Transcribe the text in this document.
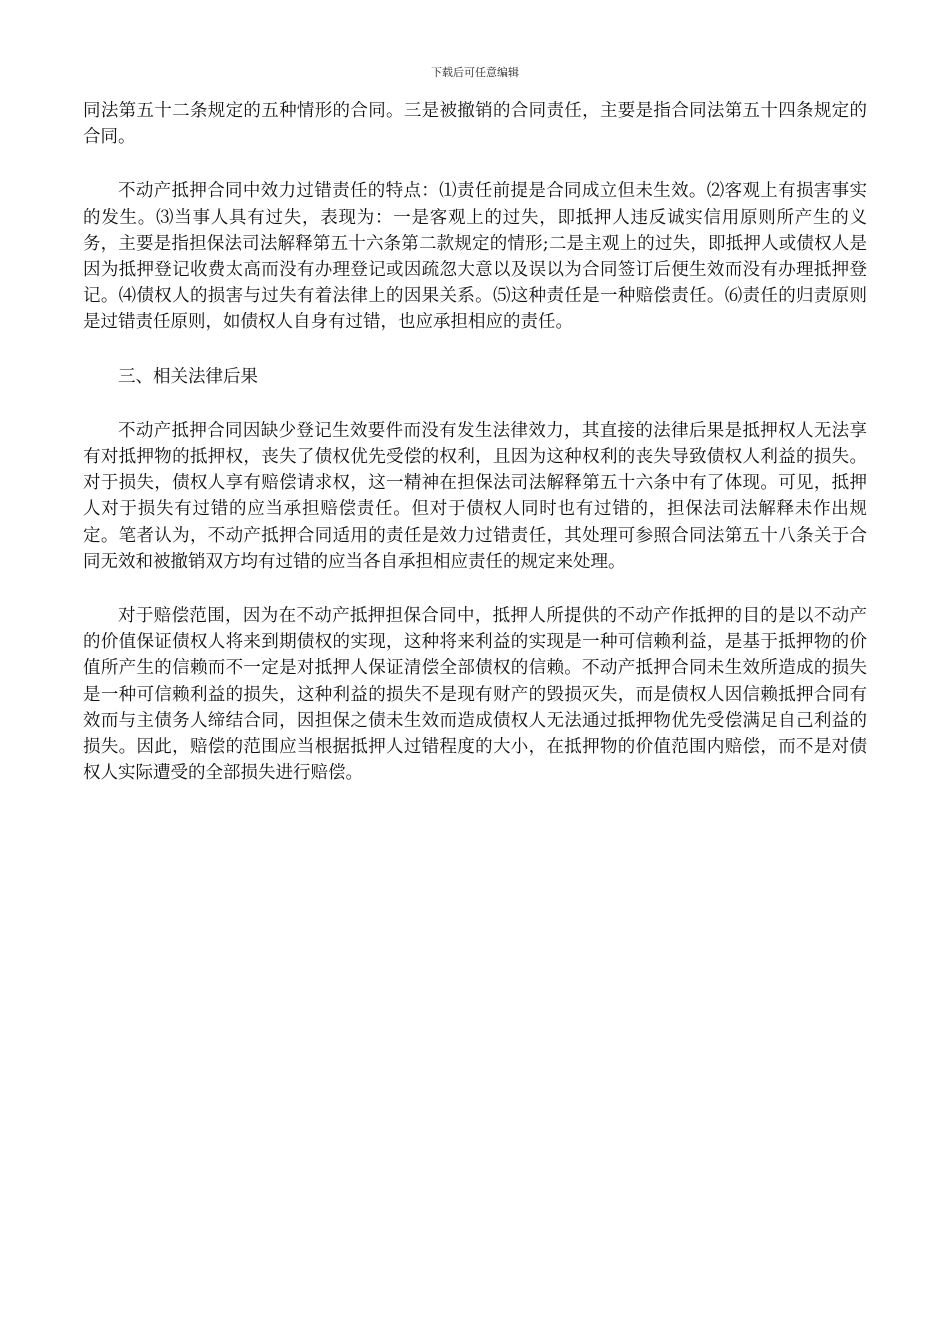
下载后可任意编辑

同法第五十二条规定的五种情形的合同。三是被撤销的合同责任，主要是指合同法第五十四条规定的合同。

不动产抵押合同中效力过错责任的特点：⑴责任前提是合同成立但未生效。⑵客观上有损害事实的发生。⑶当事人具有过失，表现为：一是客观上的过失，即抵押人违反诚实信用原则所产生的义务，主要是指担保法司法解释第五十六条第二款规定的情形;二是主观上的过失，即抵押人或债权人是因为抵押登记收费太高而没有办理登记或因疏忽大意以及误以为合同签订后便生效而没有办理抵押登记。⑷债权人的损害与过失有着法律上的因果关系。⑸这种责任是一种赔偿责任。⑹责任的归责原则是过错责任原则，如债权人自身有过错，也应承担相应的责任。

三、相关法律后果

不动产抵押合同因缺少登记生效要件而没有发生法律效力，其直接的法律后果是抵押权人无法享有对抵押物的抵押权，丧失了债权优先受偿的权利，且因为这种权利的丧失导致债权人利益的损失。对于损失，债权人享有赔偿请求权，这一精神在担保法司法解释第五十六条中有了体现。可见，抵押人对于损失有过错的应当承担赔偿责任。但对于债权人同时也有过错的，担保法司法解释未作出规定。笔者认为，不动产抵押合同适用的责任是效力过错责任，其处理可参照合同法第五十八条关于合同无效和被撤销双方均有过错的应当各自承担相应责任的规定来处理。

对于赔偿范围，因为在不动产抵押担保合同中，抵押人所提供的不动产作抵押的目的是以不动产的价值保证债权人将来到期债权的实现，这种将来利益的实现是一种可信赖利益，是基于抵押物的价值所产生的信赖而不一定是对抵押人保证清偿全部债权的信赖。不动产抵押合同未生效所造成的损失是一种可信赖利益的损失，这种利益的损失不是现有财产的毁损灭失，而是债权人因信赖抵押合同有效而与主债务人缔结合同，因担保之债未生效而造成债权人无法通过抵押物优先受偿满足自己利益的损失。因此，赔偿的范围应当根据抵押人过错程度的大小，在抵押物的价值范围内赔偿，而不是对债权人实际遭受的全部损失进行赔偿。
